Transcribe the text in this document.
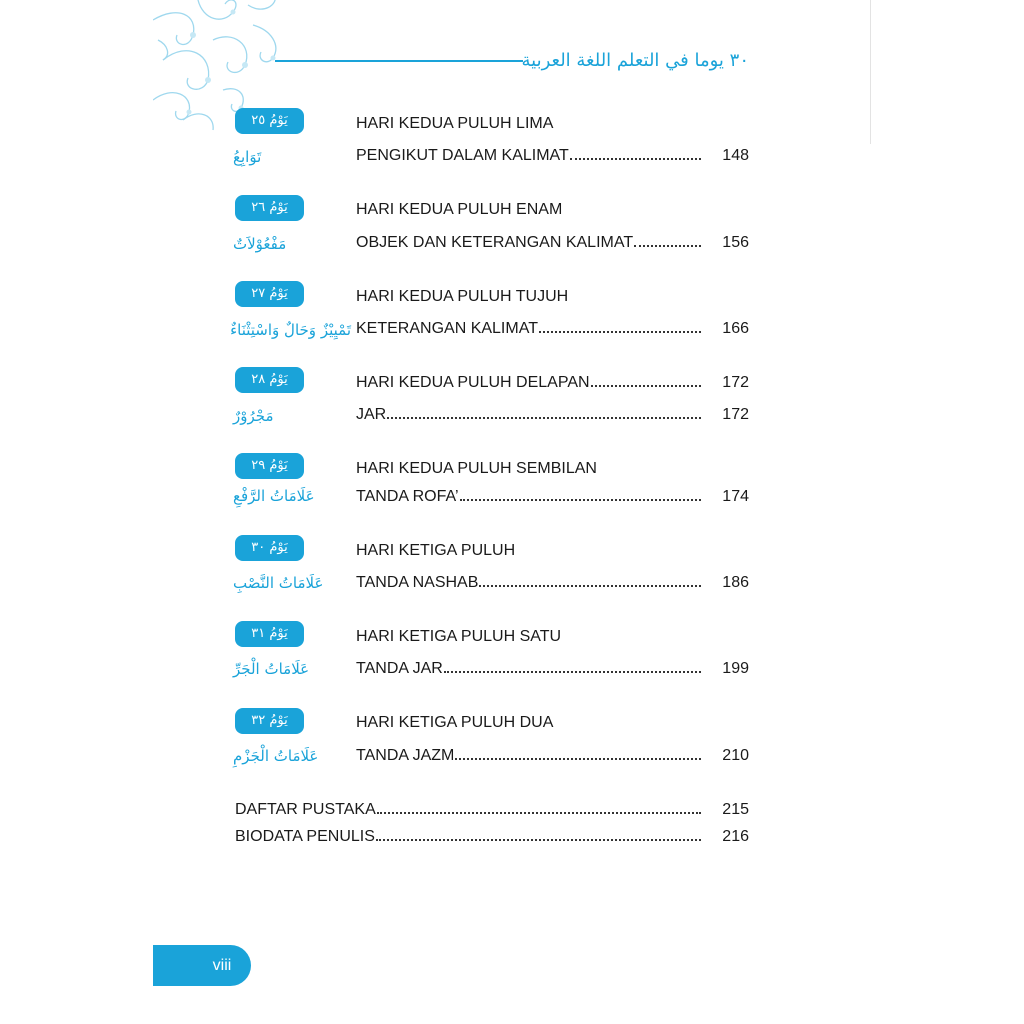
٣٠ يوما في التعلم اللغة العربية
يَوْمُ ٢٥
تَوَابِعُ
HARI KEDUA PULUH LIMA
PENGIKUT DALAM KALIMAT	148
يَوْمُ ٢٦
مَفْعُوْلاَتٌ
HARI KEDUA PULUH ENAM
OBJEK DAN KETERANGAN KALIMAT	156
يَوْمُ ٢٧
تَمْيِيْزٌ وَحَالٌ وَاسْتِثْنَاءٌ
HARI KEDUA PULUH TUJUH
KETERANGAN KALIMAT	166
يَوْمُ ٢٨
مَجْرُوْرٌ
HARI KEDUA PULUH DELAPAN	172
JAR	172
يَوْمُ ٢٩
عَلَامَاتُ الرَّفْعِ
HARI KEDUA PULUH SEMBILAN
TANDA ROFA’	174
يَوْمُ ٣٠
عَلَامَاتُ النَّصْبِ
HARI KETIGA PULUH
TANDA NASHAB	186
يَوْمُ ٣١
عَلَامَاتُ الْجَرِّ
HARI KETIGA PULUH SATU
TANDA JAR	199
يَوْمُ ٣٢
عَلَامَاتُ الْجَزْمِ
HARI KETIGA PULUH DUA
TANDA JAZM	210
DAFTAR PUSTAKA	215
BIODATA PENULIS	216
viii
